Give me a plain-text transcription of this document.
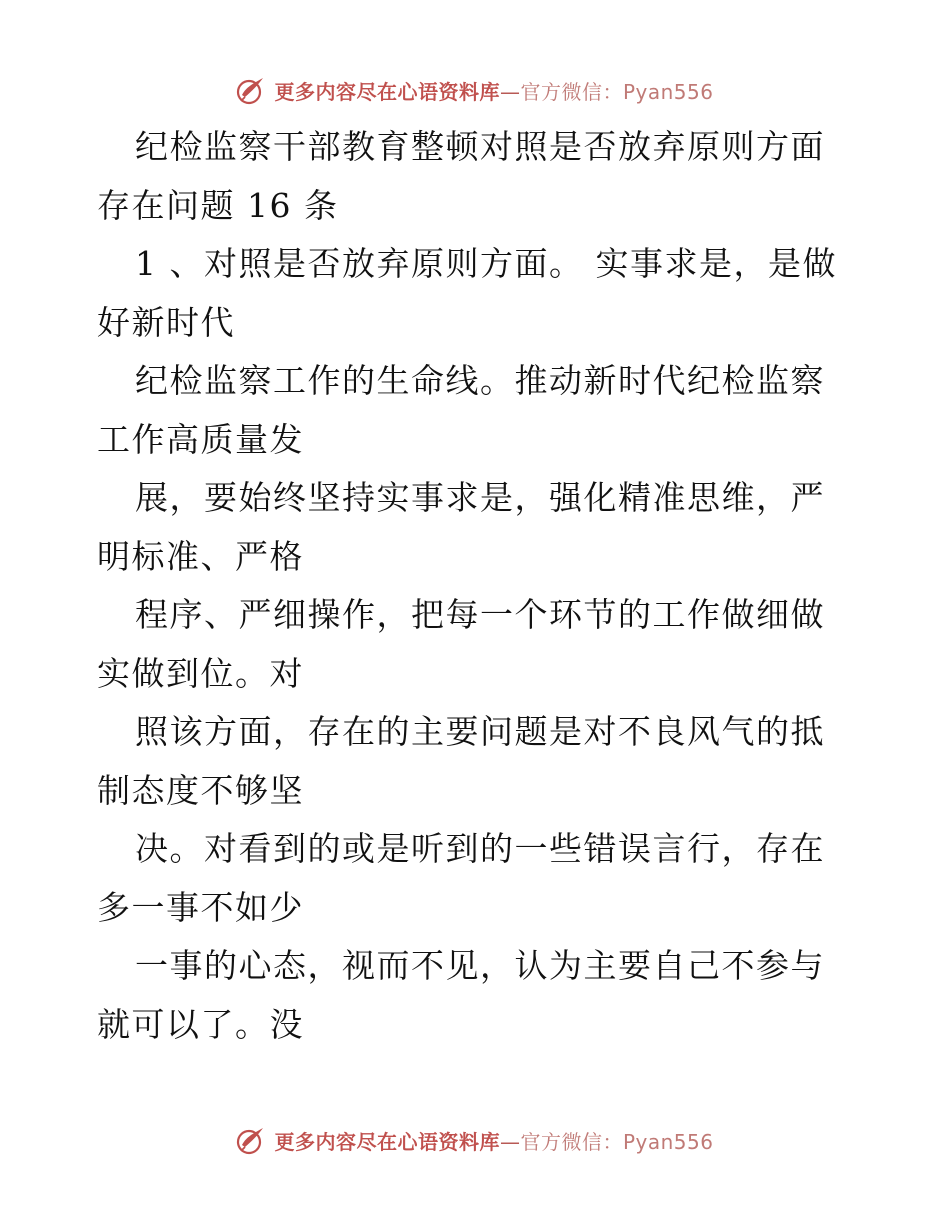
更多内容尽在心语资料库—官方微信：Pyan556

纪检监察干部教育整顿对照是否放弃原则方面存在问题 16 条

1 、对照是否放弃原则方面。 实事求是，是做好新时代

纪检监察工作的生命线。推动新时代纪检监察工作高质量发

展，要始终坚持实事求是，强化精准思维，严明标准、严格

程序、严细操作，把每一个环节的工作做细做实做到位。对

照该方面，存在的主要问题是对不良风气的抵制态度不够坚

决。对看到的或是听到的一些错误言行，存在多一事不如少

一事的心态，视而不见，认为主要自己不参与就可以了。没

更多内容尽在心语资料库—官方微信：Pyan556
